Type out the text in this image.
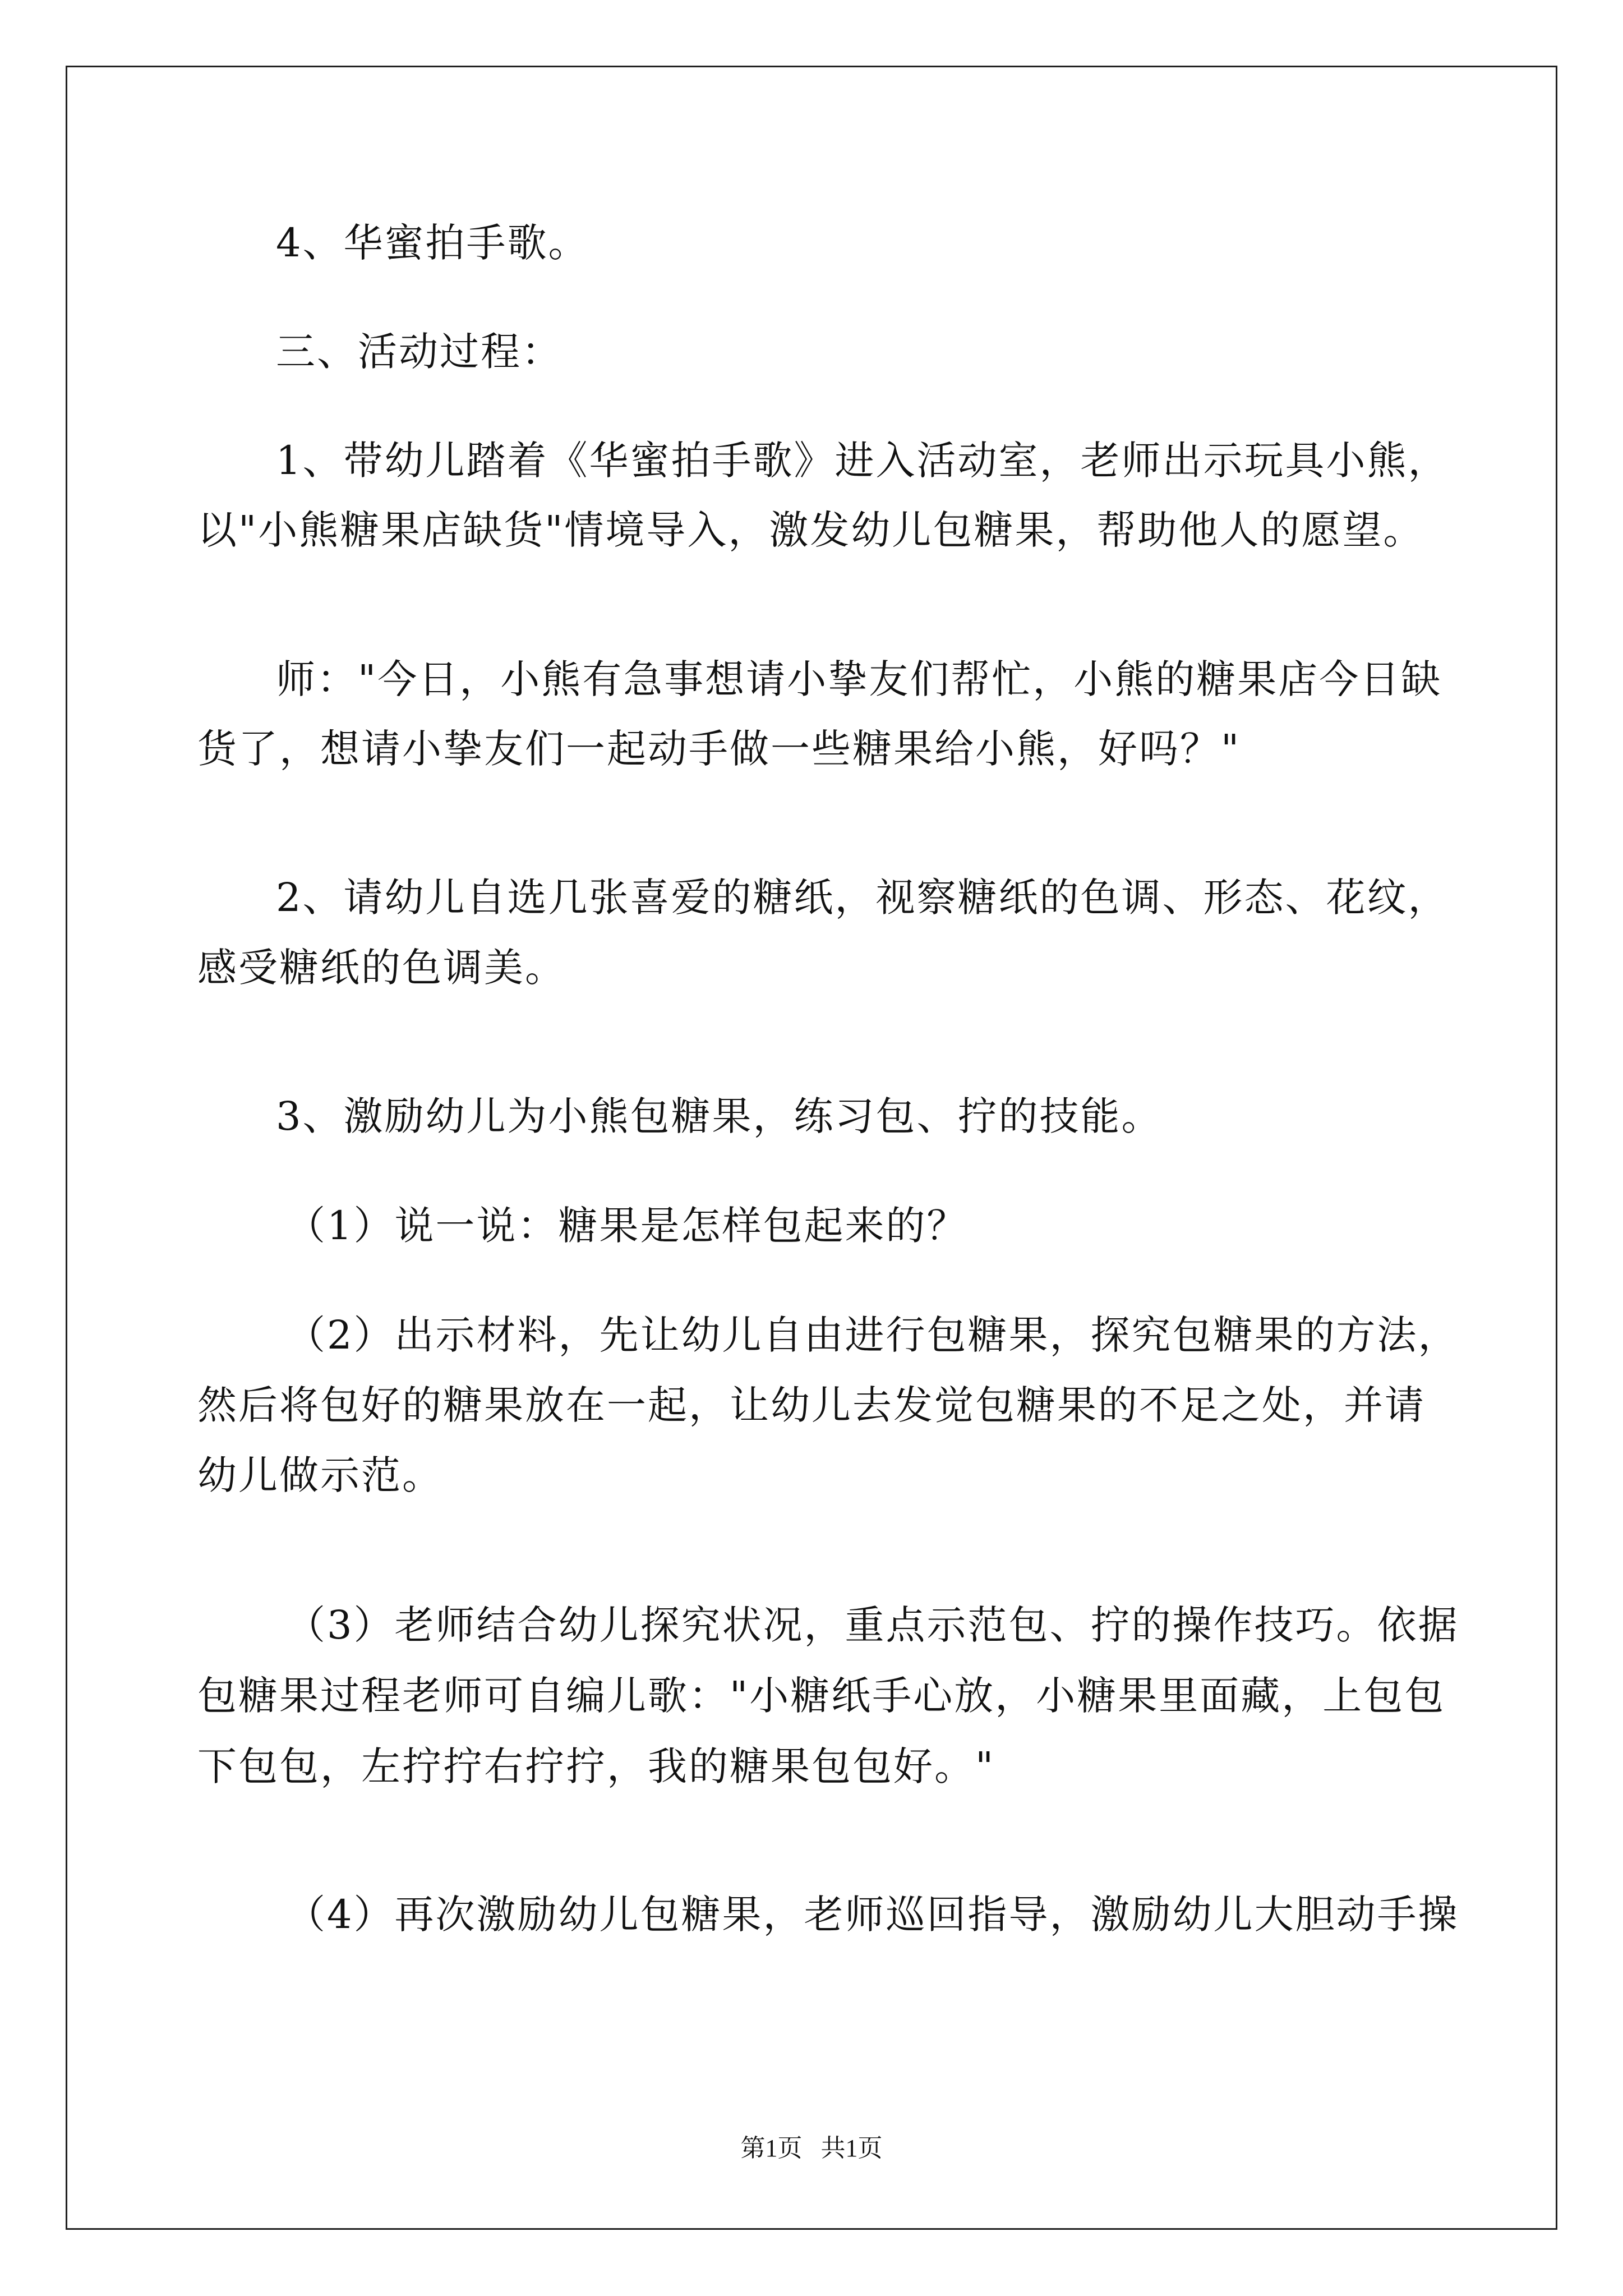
4、华蜜拍手歌。
三、活动过程：
1、带幼儿踏着《华蜜拍手歌》进入活动室，老师出示玩具小熊，
以"小熊糖果店缺货"情境导入，激发幼儿包糖果，帮助他人的愿望。
师："今日，小熊有急事想请小挚友们帮忙，小熊的糖果店今日缺
货了，想请小挚友们一起动手做一些糖果给小熊，好吗？"
2、请幼儿自选几张喜爱的糖纸，视察糖纸的色调、形态、花纹，
感受糖纸的色调美。
3、激励幼儿为小熊包糖果，练习包、拧的技能。
（1）说一说：糖果是怎样包起来的？
（2）出示材料，先让幼儿自由进行包糖果，探究包糖果的方法，
然后将包好的糖果放在一起，让幼儿去发觉包糖果的不足之处，并请
幼儿做示范。
（3）老师结合幼儿探究状况，重点示范包、拧的操作技巧。依据
包糖果过程老师可自编儿歌："小糖纸手心放，小糖果里面藏，上包包
下包包，左拧拧右拧拧，我的糖果包包好。"
（4）再次激励幼儿包糖果，老师巡回指导，激励幼儿大胆动手操
第1页   共1页
